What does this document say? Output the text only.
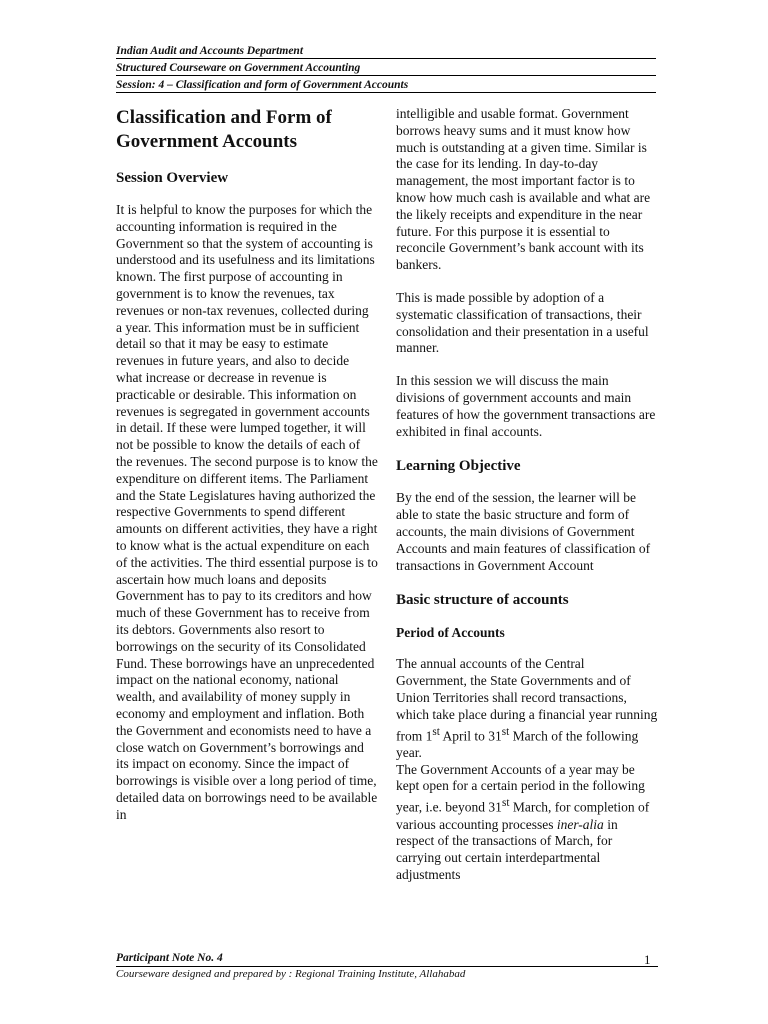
Indian Audit and Accounts Department
Structured Courseware on Government Accounting
Session: 4 – Classification and form of Government Accounts
Classification and Form of Government Accounts
Session Overview

It is helpful to know the purposes for which the accounting information is required in the Government so that the system of accounting is understood and its usefulness and its limitations known. The first purpose of accounting in government is to know the revenues, tax revenues or non-tax revenues, collected during a year. This information must be in sufficient detail so that it may be easy to estimate revenues in future years, and also to decide what increase or decrease in revenue is practicable or desirable. This information on revenues is segregated in government accounts in detail. If these were lumped together, it will not be possible to know the details of each of the revenues. The second purpose is to know the expenditure on different items. The Parliament and the State Legislatures having authorized the respective Governments to spend different amounts on different activities, they have a right to know what is the actual expenditure on each of the activities. The third essential purpose is to ascertain how much loans and deposits Government has to pay to its creditors and how much of these Government has to receive from its debtors. Governments also resort to borrowings on the security of its Consolidated Fund. These borrowings have an unprecedented impact on the national economy, national wealth, and availability of money supply in economy and employment and inflation. Both the Government and economists need to have a close watch on Government’s borrowings and its impact on economy. Since the impact of borrowings is visible over a long period of time, detailed data on borrowings need to be available in

intelligible and usable format. Government borrows heavy sums and it must know how much is outstanding at a given time. Similar is the case for its lending. In day-to-day management, the most important factor is to know how much cash is available and what are the likely receipts and expenditure in the near future. For this purpose it is essential to reconcile Government’s bank account with its bankers.

This is made possible by adoption of a systematic classification of transactions, their consolidation and their presentation in a useful manner.

In this session we will discuss the main divisions of government accounts and main features of how the government transactions are exhibited in final accounts.

Learning Objective

By the end of the session, the learner will be able to state the basic structure and form of accounts, the main divisions of Government Accounts and main features of classification of transactions in Government Account

Basic structure of accounts
Period of Accounts

The annual accounts of the Central Government, the State Governments and of Union Territories shall record transactions, which take place during a financial year running from 1st April to 31st March of the following year.

The Government Accounts of a year may be kept open for a certain period in the following year, i.e. beyond 31st March, for completion of various accounting processes iner-alia in respect of the transactions of March, for carrying out certain interdepartmental adjustments

Participant Note No. 4	1
Courseware designed and prepared by : Regional Training Institute, Allahabad
